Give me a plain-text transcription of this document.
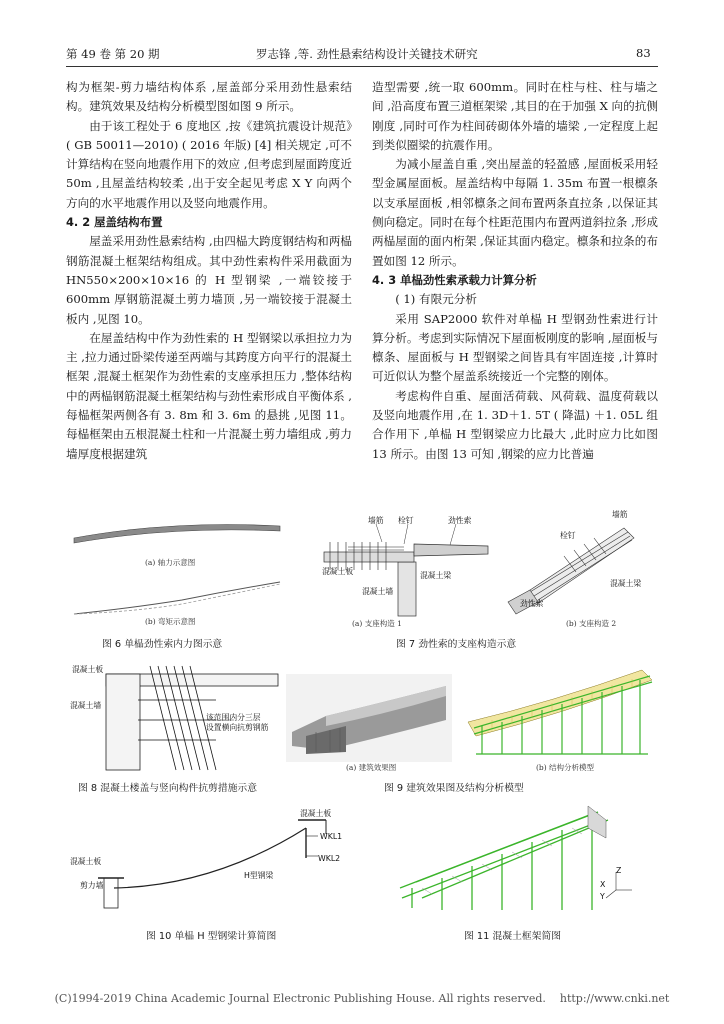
第 49 卷 第 20 期	罗志锋 ,等. 劲性悬索结构设计关键技术研究	83

构为框架-剪力墙结构体系 ,屋盖部分采用劲性悬索结构。建筑效果及结构分析模型图如图 9 所示。

由于该工程处于 6 度地区 ,按《建筑抗震设计规范》( GB 50011—2010) ( 2016 年版) [4] 相关规定 ,可不计算结构在竖向地震作用下的效应 ,但考虑到屋面跨度近 50m ,且屋盖结构较柔 ,出于安全起见考虑 X Y 向两个方向的水平地震作用以及竖向地震作用。

4. 2 屋盖结构布置

屋盖采用劲性悬索结构 ,由四榀大跨度钢结构和两榀钢筋混凝土框架结构组成。其中劲性索构件采用截面为 HN550×200×10×16 的 H 型钢梁 ,一端铰接于 600mm 厚钢筋混凝土剪力墙顶 ,另一端铰接于混凝土板内 ,见图 10。

在屋盖结构中作为劲性索的 H 型钢梁以承担拉力为主 ,拉力通过卧梁传递至两端与其跨度方向平行的混凝土框架 ,混凝土框架作为劲性索的支座承担压力 ,整体结构中的两榀钢筋混凝土框架结构与劲性索形成自平衡体系 ,每榀框架两侧各有 3. 8m 和 3. 6m 的悬挑 ,见图 11。每榀框架由五根混凝土柱和一片混凝土剪力墙组成 ,剪力墙厚度根据建筑

造型需要 ,统一取 600mm。同时在柱与柱、柱与墙之间 ,沿高度布置三道框架梁 ,其目的在于加强 X 向的抗侧刚度 ,同时可作为柱间砖砌体外墙的墙梁 ,一定程度上起到类似圈梁的抗震作用。

为减小屋盖自重 ,突出屋盖的轻盈感 ,屋面板采用轻型金属屋面板。屋盖结构中每隔 1. 35m 布置一根檩条以支承屋面板 ,相邻檩条之间布置两条直拉条 ,以保证其侧向稳定。同时在每个柱距范围内布置两道斜拉条 ,形成两榀屋面的面内桁架 ,保证其面内稳定。檩条和拉条的布置如图 12 所示。

4. 3 单榀劲性索承载力计算分析
( 1) 有限元分析

采用 SAP2000 软件对单榀 H 型钢劲性索进行计算分析。考虑到实际情况下屋面板刚度的影响 ,屋面板与檩条、屋面板与 H 型钢梁之间皆具有牢固连接 ,计算时可近似认为整个屋盖系统接近一个完整的刚体。

考虑构件自重、屋面活荷载、风荷载、温度荷载以及竖向地震作用 ,在 1. 3D＋1. 5T ( 降温) ＋1. 05L 组合作用下 ,单榀 H 型钢梁应力比最大 ,此时应力比如图 13 所示。由图 13 可知 ,钢梁的应力比普遍

(a) 轴力示意图
(b) 弯矩示意图
图 6 单榀劲性索内力图示意
墙筋 栓钉	劲性索
混凝土板	混凝土梁
混凝土墙
(a) 支座构造 1
墙筋
栓钉
混凝土梁
劲性索
(b) 支座构造 2
图 7 劲性索的支座构造示意
混凝土板
混凝土墙
该范围内分三层
设置横向抗剪钢筋
图 8 混凝土楼盖与竖向构件抗剪措施示意
(a) 建筑效果图	(b) 结构分析模型
图 9 建筑效果图及结构分析模型
混凝土板
WKL1
WKL2
H型钢梁
混凝土板
剪力墙
图 10 单榀 H 型钢梁计算简图
Z
X
Y
图 11 混凝土框架简图
(C)1994-2019 China Academic Journal Electronic Publishing House. All rights reserved.    http://www.cnki.net
